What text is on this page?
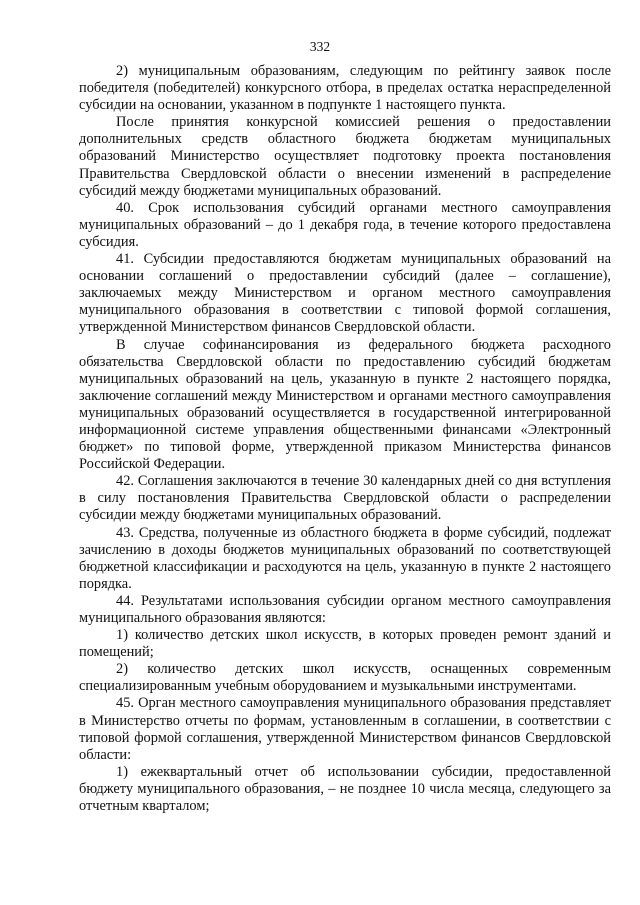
332

2) муниципальным образованиям, следующим по рейтингу заявок после победителя (победителей) конкурсного отбора, в пределах остатка нераспределенной субсидии на основании, указанном в подпункте 1 настоящего пункта.

После принятия конкурсной комиссией решения о предоставлении дополнительных средств областного бюджета бюджетам муниципальных образований Министерство осуществляет подготовку проекта постановления Правительства Свердловской области о внесении изменений в распределение субсидий между бюджетами муниципальных образований.

40. Срок использования субсидий органами местного самоуправления муниципальных образований – до 1 декабря года, в течение которого предоставлена субсидия.

41. Субсидии предоставляются бюджетам муниципальных образований на основании соглашений о предоставлении субсидий (далее – соглашение), заключаемых между Министерством и органом местного самоуправления муниципального образования в соответствии с типовой формой соглашения, утвержденной Министерством финансов Свердловской области.

В случае софинансирования из федерального бюджета расходного обязательства Свердловской области по предоставлению субсидий бюджетам муниципальных образований на цель, указанную в пункте 2 настоящего порядка, заключение соглашений между Министерством и органами местного самоуправления муниципальных образований осуществляется в государственной интегрированной информационной системе управления общественными финансами «Электронный бюджет» по типовой форме, утвержденной приказом Министерства финансов Российской Федерации.

42. Соглашения заключаются в течение 30 календарных дней со дня вступления в силу постановления Правительства Свердловской области о распределении субсидии между бюджетами муниципальных образований.

43. Средства, полученные из областного бюджета в форме субсидий, подлежат зачислению в доходы бюджетов муниципальных образований по соответствующей бюджетной классификации и расходуются на цель, указанную в пункте 2 настоящего порядка.

44. Результатами использования субсидии органом местного самоуправления муниципального образования являются:

1) количество детских школ искусств, в которых проведен ремонт зданий и помещений;

2) количество детских школ искусств, оснащенных современным специализированным учебным оборудованием и музыкальными инструментами.

45. Орган местного самоуправления муниципального образования представляет в Министерство отчеты по формам, установленным в соглашении, в соответствии с типовой формой соглашения, утвержденной Министерством финансов Свердловской области:

1) ежеквартальный отчет об использовании субсидии, предоставленной бюджету муниципального образования, – не позднее 10 числа месяца, следующего за отчетным кварталом;
